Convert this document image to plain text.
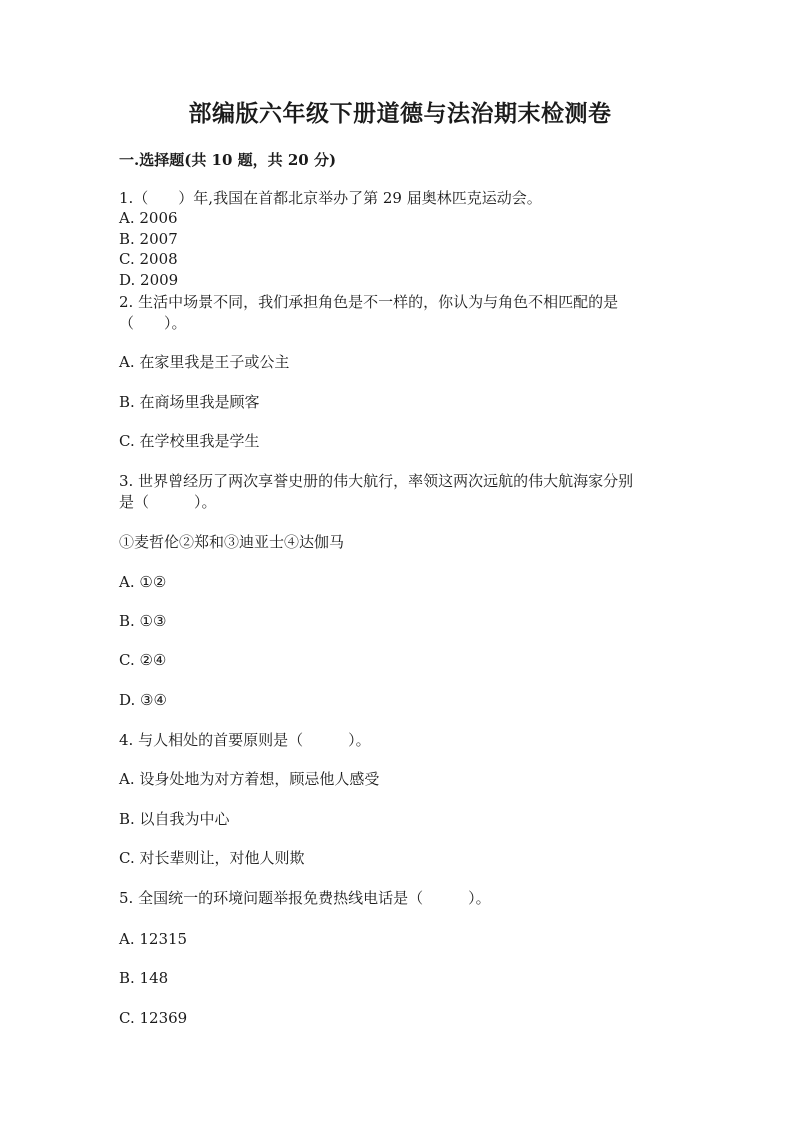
部编版六年级下册道德与法治期末检测卷
一.选择题(共 10 题，共 20 分)

1.（　　）年,我国在首都北京举办了第 29 届奥林匹克运动会。

A. 2006

B. 2007

C. 2008

D. 2009

2. 生活中场景不同，我们承担角色是不一样的，你认为与角色不相匹配的是

（　　）。

A. 在家里我是王子或公主

B. 在商场里我是顾客

C. 在学校里我是学生

3. 世界曾经历了两次享誉史册的伟大航行，率领这两次远航的伟大航海家分别

是（　　　）。

①麦哲伦②郑和③迪亚士④达伽马

A. ①②

B. ①③

C. ②④

D. ③④

4. 与人相处的首要原则是（　　　）。

A. 设身处地为对方着想，顾忌他人感受

B. 以自我为中心

C. 对长辈则让，对他人则欺

5. 全国统一的环境问题举报免费热线电话是（　　　）。

A. 12315

B. 148

C. 12369
